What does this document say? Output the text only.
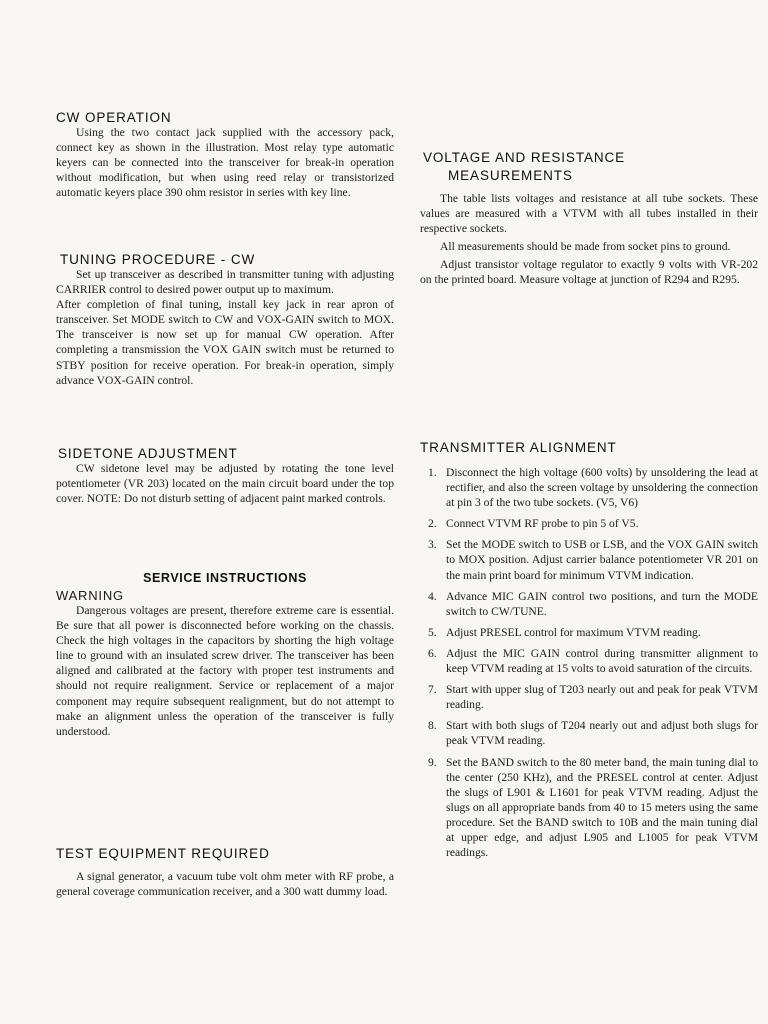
CW OPERATION

Using the two contact jack supplied with the accessory pack, connect key as shown in the illustration. Most relay type automatic keyers can be connected into the transceiver for break-in operation without modification, but when using reed relay or transistorized automatic keyers place 390 ohm resistor in series with key line.

TUNING PROCEDURE - CW

Set up transceiver as described in transmitter tuning with adjusting CARRIER control to desired power output up to maximum.

After completion of final tuning, install key jack in rear apron of transceiver. Set MODE switch to CW and VOX-GAIN switch to MOX. The transceiver is now set up for manual CW operation. After completing a transmission the VOX GAIN switch must be returned to STBY position for receive operation. For break-in operation, simply advance VOX-GAIN control.

SIDETONE ADJUSTMENT

CW sidetone level may be adjusted by rotating the tone level potentiometer (VR 203) located on the main circuit board under the top cover. NOTE: Do not disturb setting of adjacent paint marked controls.

SERVICE INSTRUCTIONS
WARNING

Dangerous voltages are present, therefore extreme care is essential. Be sure that all power is disconnected before working on the chassis. Check the high voltages in the capacitors by shorting the high voltage line to ground with an insulated screw driver. The transceiver has been aligned and calibrated at the factory with proper test instruments and should not require realignment. Service or replacement of a major component may require subsequent realignment, but do not attempt to make an alignment unless the operation of the transceiver is fully understood.

TEST EQUIPMENT REQUIRED

A signal generator, a vacuum tube volt ohm meter with RF probe, a general coverage communication receiver, and a 300 watt dummy load.

VOLTAGE AND RESISTANCE
MEASUREMENTS

The table lists voltages and resistance at all tube sockets. These values are measured with a VTVM with all tubes installed in their respective sockets.

All measurements should be made from socket pins to ground.

Adjust transistor voltage regulator to exactly 9 volts with VR-202 on the printed board. Measure voltage at junction of R294 and R295.

TRANSMITTER ALIGNMENT
1. Disconnect the high voltage (600 volts) by unsoldering the lead at rectifier, and also the screen voltage by unsoldering the connection at pin 3 of the two tube sockets. (V5, V6)
2. Connect VTVM RF probe to pin 5 of V5.
3. Set the MODE switch to USB or LSB, and the VOX GAIN switch to MOX position. Adjust carrier balance potentiometer VR 201 on the main print board for minimum VTVM indication.
4. Advance MIC GAIN control two positions, and turn the MODE switch to CW/TUNE.
5. Adjust PRESEL control for maximum VTVM reading.
6. Adjust the MIC GAIN control during transmitter alignment to keep VTVM reading at 15 volts to avoid saturation of the circuits.
7. Start with upper slug of T203 nearly out and peak for peak VTVM reading.
8. Start with both slugs of T204 nearly out and adjust both slugs for peak VTVM reading.
9. Set the BAND switch to the 80 meter band, the main tuning dial to the center (250 KHz), and the PRESEL control at center. Adjust the slugs of L901 & L1601 for peak VTVM reading. Adjust the slugs on all appropriate bands from 40 to 15 meters using the same procedure. Set the BAND switch to 10B and the main tuning dial at upper edge, and adjust L905 and L1005 for peak VTVM readings.
